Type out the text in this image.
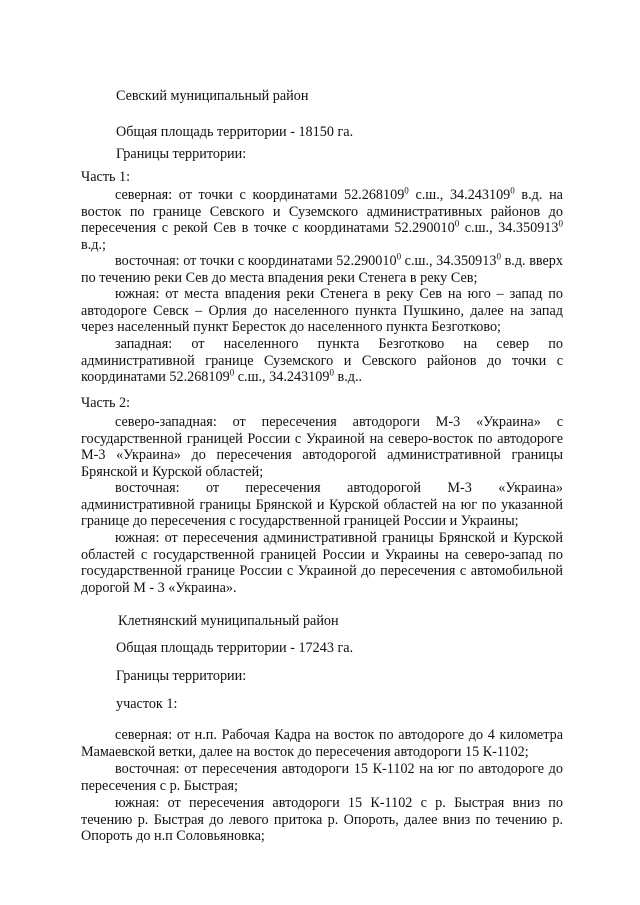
Севский муниципальный район
Общая площадь территории - 18150 га.
Границы территории:
Часть 1:
северная: от точки с координатами 52.268109$^0$ с.ш., 34.243109$^0$ в.д. на восток по границе Севского и Суземского административных районов до пересечения с рекой Сев в точке с координатами 52.290010$^0$ с.ш., 34.350913$^0$ в.д.;
восточная: от точки с координатами 52.290010$^0$ с.ш., 34.350913$^0$ в.д. вверх по течению реки Сев до места впадения реки Стенега в реку Сев;
южная: от места впадения реки Стенега в реку Сев на юго – запад по автодороге Севск – Орлия до населенного пункта Пушкино, далее на запад через населенный пункт Бересток до населенного пункта Безготково;
западная: от населенного пункта Безготково на север по административной границе Суземского и Севского районов до точки с координатами 52.268109$^0$ с.ш., 34.243109$^0$ в.д..
Часть 2:
северо-западная: от пересечения автодороги М-3 «Украина» с государственной границей России с Украиной на северо-восток по автодороге М-3 «Украина» до пересечения автодорогой административной границы Брянской и Курской областей;
восточная: от пересечения автодорогой М-3 «Украина» административной границы Брянской и Курской областей на юг по указанной границе до пересечения с государственной границей России и Украины;
южная: от пересечения административной границы Брянской и Курской областей с государственной границей России и Украины на северо-запад по государственной границе России с Украиной до пересечения с автомобильной дорогой М - 3 «Украина».
Клетнянский муниципальный район
Общая площадь территории - 17243 га.
Границы территории:
участок 1:
северная: от н.п. Рабочая Кадра на восток по автодороге до 4 километра Мамаевской ветки, далее на восток до пересечения автодороги 15 К-1102;
восточная: от пересечения автодороги 15 К-1102 на юг по автодороге до пересечения с р. Быстрая;
южная: от пересечения автодороги 15 К-1102 с р. Быстрая вниз по течению р. Быстрая до левого притока р. Опороть, далее вниз по течению р. Опороть до н.п Соловьяновка;
